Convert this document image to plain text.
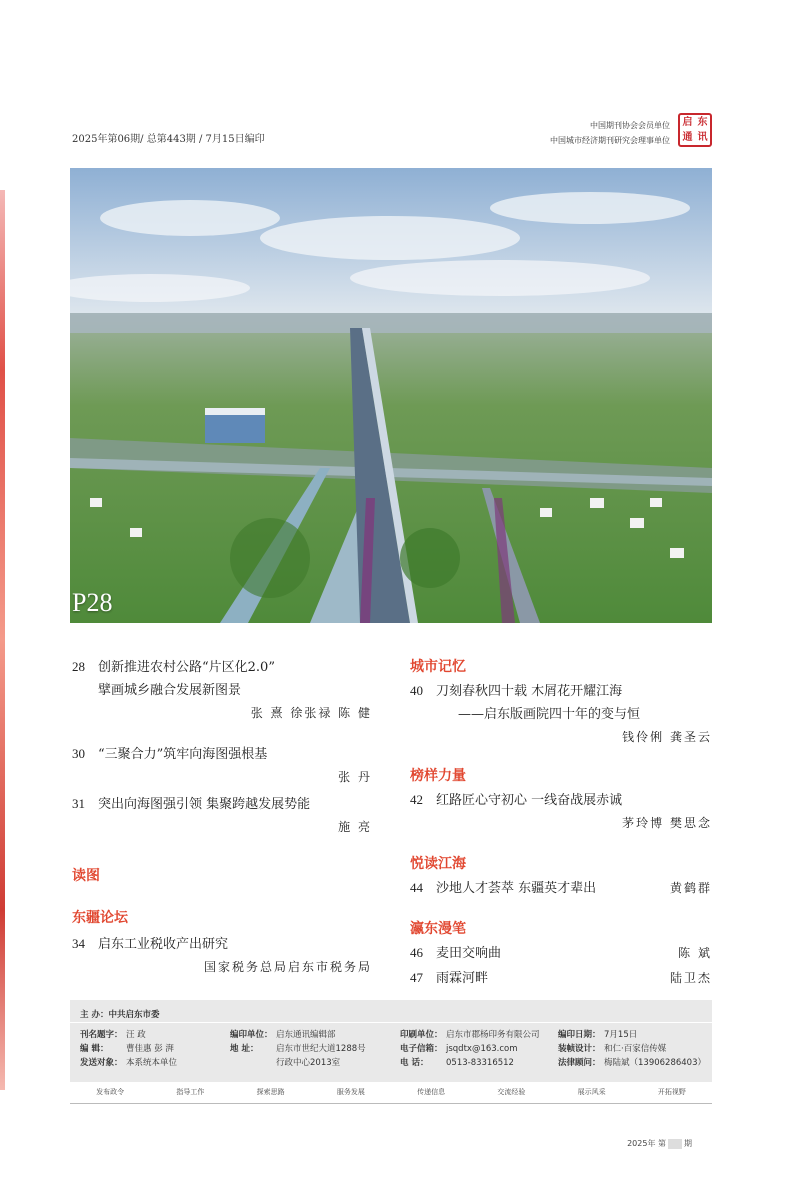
2025年第06期/ 总第443期 / 7月15日编印
中国期刊协会会员单位
中国城市经济期刊研究会理事单位
启 东
通 讯
P28
28	创新推进农村公路“片区化2.0”
擘画城乡融合发展新图景
张 熹 徐张禄 陈 健
30	“三聚合力”筑牢向海图强根基
张 丹
31	突出向海图强引领 集聚跨越发展势能
施 亮
读图
东疆论坛
34	启东工业税收产出研究
国家税务总局启东市税务局
城市记忆
40	刀刻春秋四十载 木屑花开耀江海
——启东版画院四十年的变与恒
钱伶俐 龚圣云
榜样力量
42	红路匠心守初心 一线奋战展赤诚
茅玲博 樊思念
悦读江海
44	沙地人才荟萃 东疆英才辈出	黄鹤群
瀛东漫笔
46	麦田交响曲	陈 斌
47	雨霖河畔	陆卫杰
主 办：中共启东市委
刊名题字： 汪 政
编 辑： 曹佳惠 彭 湃
发送对象： 本系统本单位
编印单位： 启东通讯编辑部
地 址： 启东市世纪大道1288号
行政中心2013室
印刷单位： 启东市郡杨印务有限公司
电子信箱： jsqdtx@163.com
电 话： 0513-83316512
编印日期： 7月15日
装帧设计： 和仁·百家信传媒
法律顾问： 梅陆斌（13906286403）
发布政令	指导工作	探索思路	服务发展	传递信息	交流经验	展示风采	开拓视野
2025年 第 期
